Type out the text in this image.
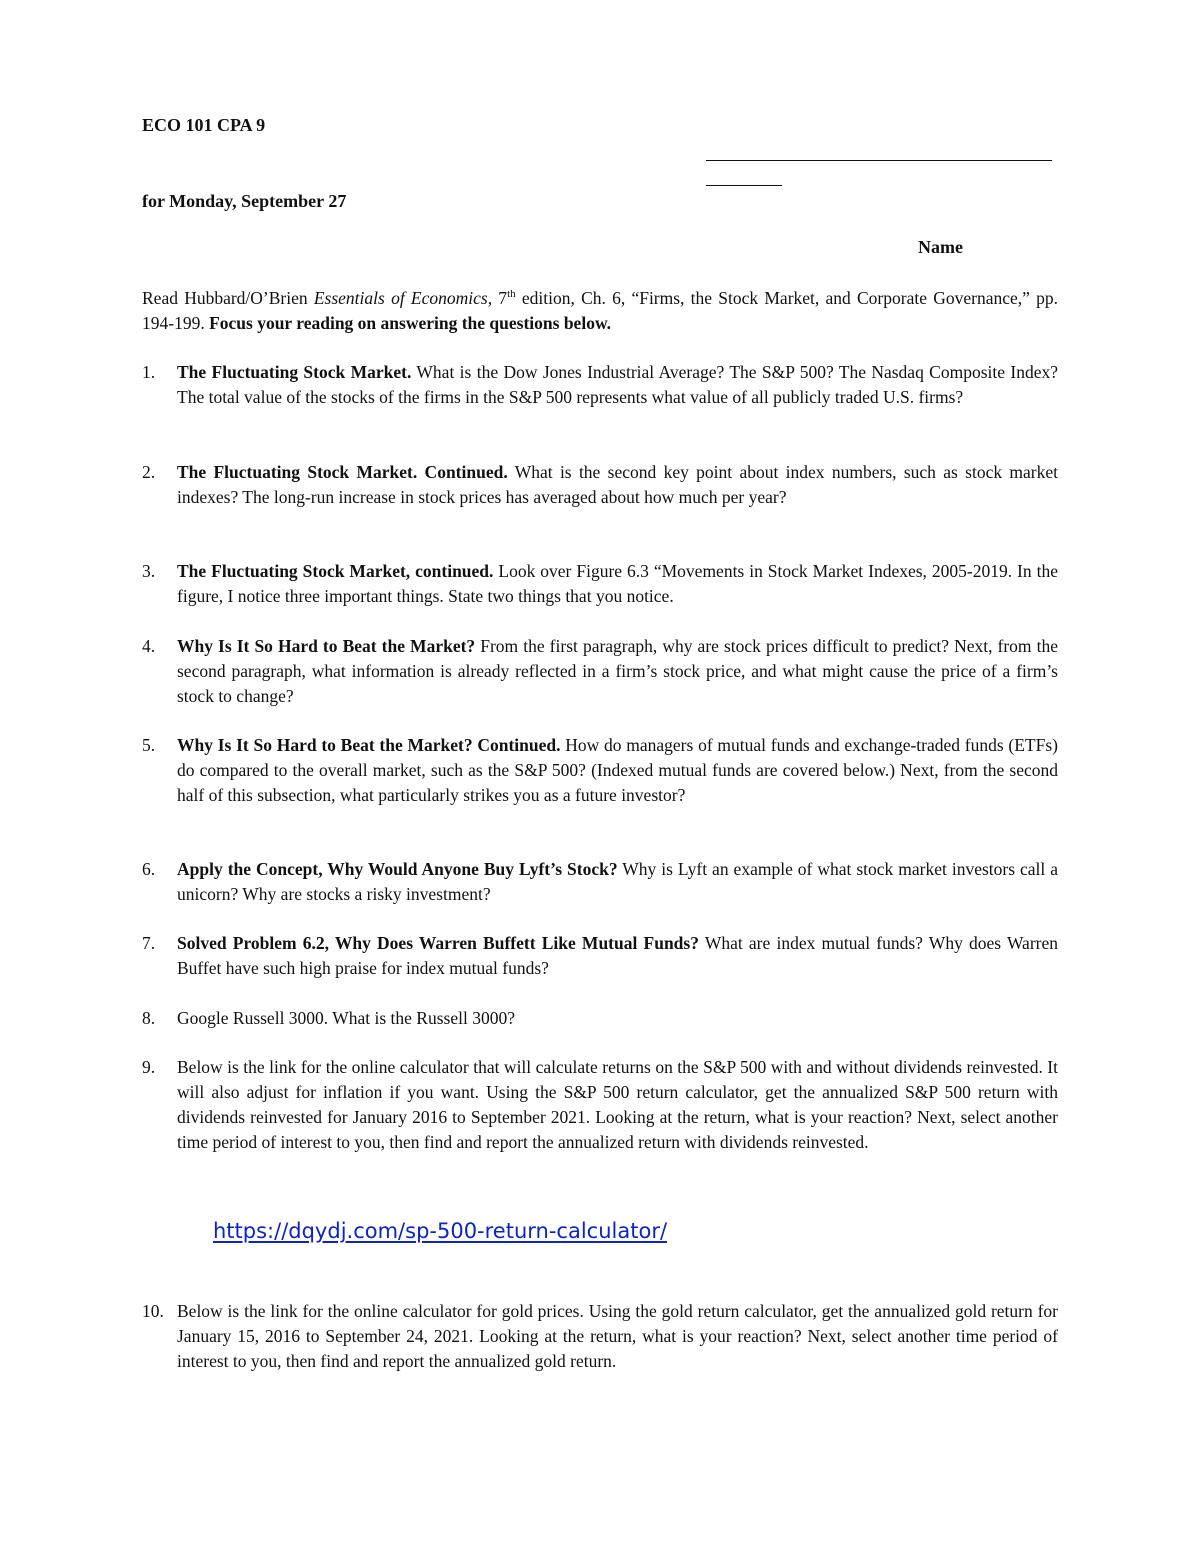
ECO 101 CPA 9
for Monday, September 27
Name
Read Hubbard/O’Brien Essentials of Economics, 7th edition, Ch. 6, “Firms, the Stock Market, and Corporate Governance,” pp. 194-199. Focus your reading on answering the questions below.
1.	The Fluctuating Stock Market. What is the Dow Jones Industrial Average? The S&P 500? The Nasdaq Composite Index? The total value of the stocks of the firms in the S&P 500 represents what value of all publicly traded U.S. firms?
2.	The Fluctuating Stock Market. Continued. What is the second key point about index numbers, such as stock market indexes? The long-run increase in stock prices has averaged about how much per year?
3.	The Fluctuating Stock Market, continued. Look over Figure 6.3 “Movements in Stock Market Indexes, 2005-2019. In the figure, I notice three important things. State two things that you notice.
4.	Why Is It So Hard to Beat the Market? From the first paragraph, why are stock prices difficult to predict? Next, from the second paragraph, what information is already reflected in a firm’s stock price, and what might cause the price of a firm’s stock to change?
5.	Why Is It So Hard to Beat the Market? Continued. How do managers of mutual funds and exchange-traded funds (ETFs) do compared to the overall market, such as the S&P 500? (Indexed mutual funds are covered below.) Next, from the second half of this subsection, what particularly strikes you as a future investor?
6.	Apply the Concept, Why Would Anyone Buy Lyft’s Stock? Why is Lyft an example of what stock market investors call a unicorn? Why are stocks a risky investment?
7.	Solved Problem 6.2, Why Does Warren Buffett Like Mutual Funds? What are index mutual funds? Why does Warren Buffet have such high praise for index mutual funds?
8.	Google Russell 3000. What is the Russell 3000?
9.	Below is the link for the online calculator that will calculate returns on the S&P 500 with and without dividends reinvested. It will also adjust for inflation if you want. Using the S&P 500 return calculator, get the annualized S&P 500 return with dividends reinvested for January 2016 to September 2021. Looking at the return, what is your reaction? Next, select another time period of interest to you, then find and report the annualized return with dividends reinvested.
https://dqydj.com/sp-500-return-calculator/
10. Below is the link for the online calculator for gold prices. Using the gold return calculator, get the annualized gold return for January 15, 2016 to September 24, 2021. Looking at the return, what is your reaction? Next, select another time period of interest to you, then find and report the annualized gold return.
